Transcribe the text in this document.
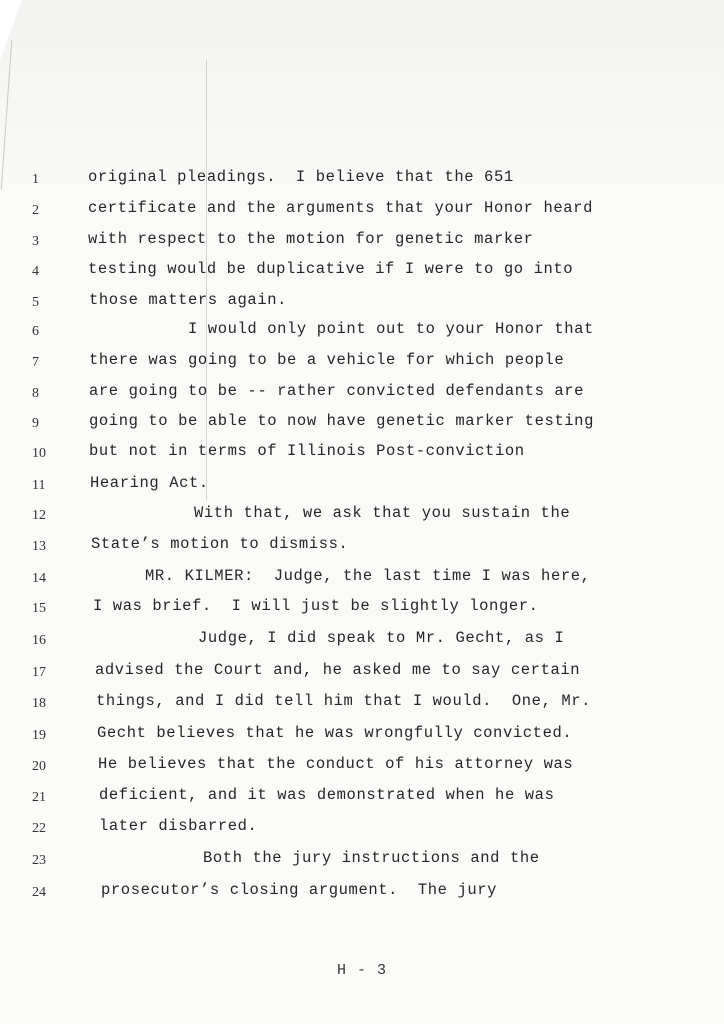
1	original pleadings.  I believe that the 651
2	certificate and the arguments that your Honor heard
3	with respect to the motion for genetic marker
4	testing would be duplicative if I were to go into
5	those matters again.
6	I would only point out to your Honor that
7	there was going to be a vehicle for which people
8	are going to be -- rather convicted defendants are
9	going to be able to now have genetic marker testing
10	but not in terms of Illinois Post-conviction
11	Hearing Act.
12	With that, we ask that you sustain the
13	State’s motion to dismiss.
14	MR. KILMER:  Judge, the last time I was here,
15	I was brief.  I will just be slightly longer.
16	Judge, I did speak to Mr. Gecht, as I
17	advised the Court and, he asked me to say certain
18	things, and I did tell him that I would.  One, Mr.
19	Gecht believes that he was wrongfully convicted.
20	He believes that the conduct of his attorney was
21	deficient, and it was demonstrated when he was
22	later disbarred.
23	Both the jury instructions and the
24	prosecutor’s closing argument.  The jury
H - 3
